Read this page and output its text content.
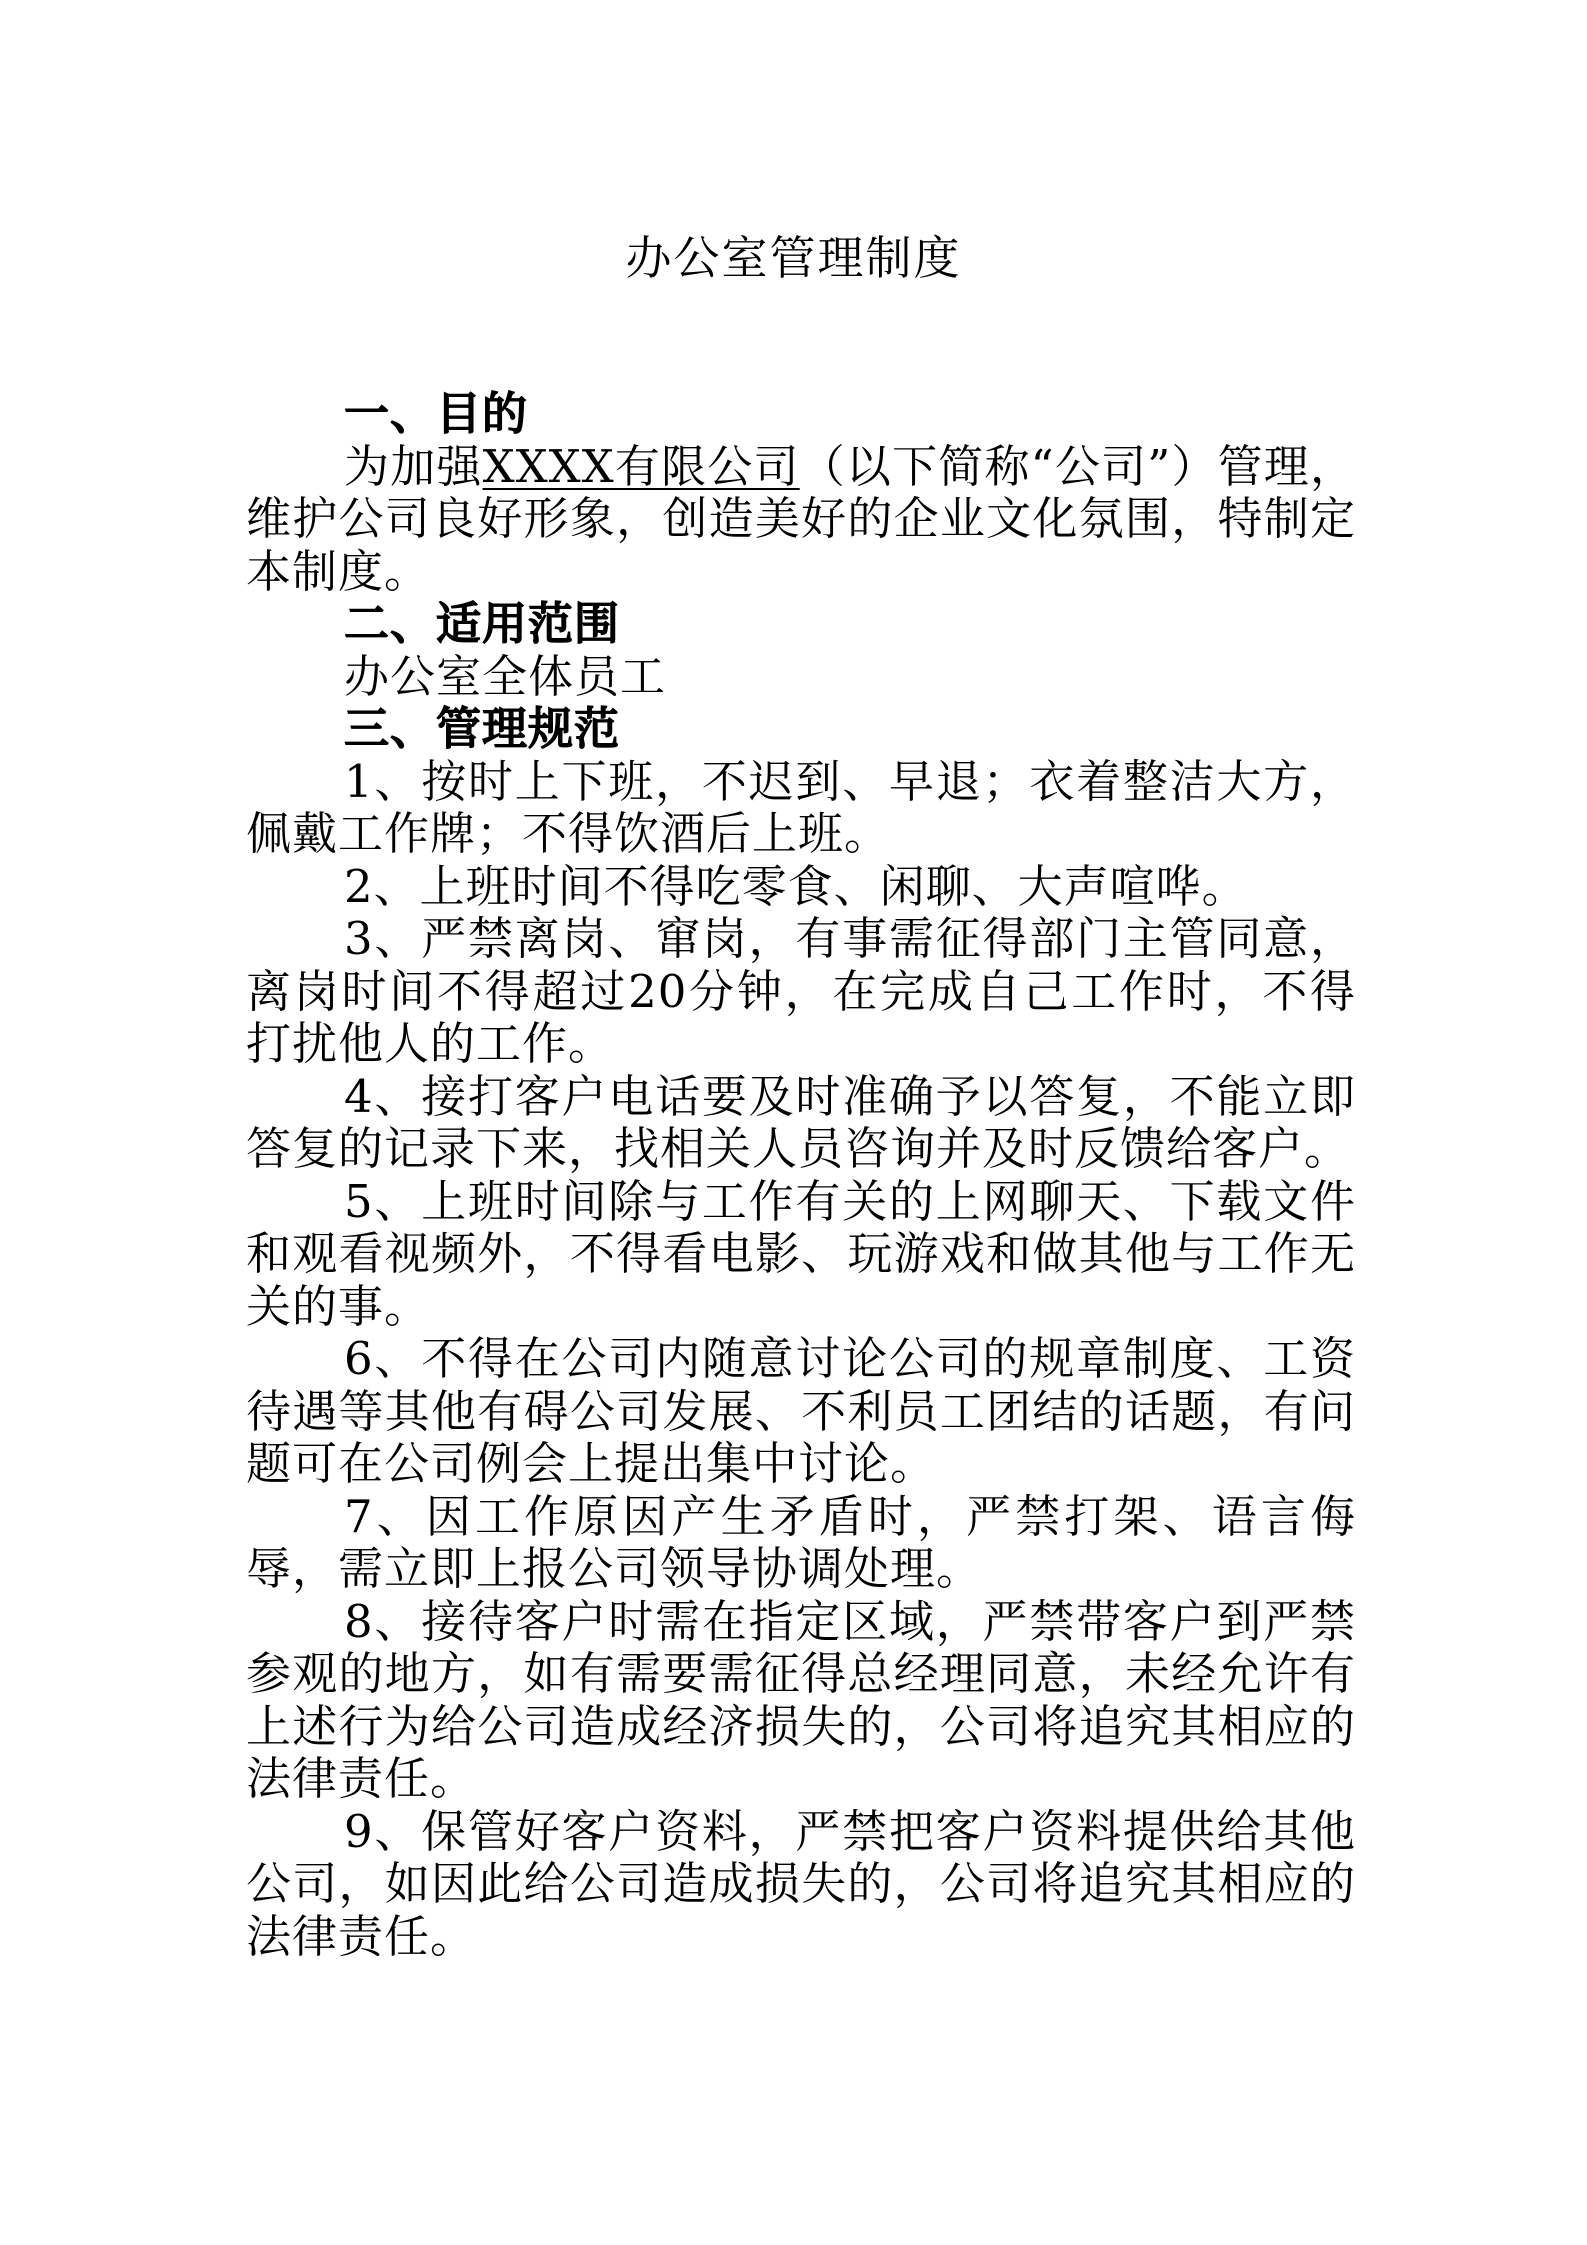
办公室管理制度

一、目的

为加强XXXX有限公司（以下简称“公司”）管理，维护公司良好形象，创造美好的企业文化氛围，特制定本制度。

二、适用范围

办公室全体员工

三、管理规范

1、按时上下班，不迟到、早退；衣着整洁大方，佩戴工作牌；不得饮酒后上班。

2、上班时间不得吃零食、闲聊、大声喧哗。

3、严禁离岗、窜岗，有事需征得部门主管同意，离岗时间不得超过20分钟，在完成自己工作时，不得打扰他人的工作。

4、接打客户电话要及时准确予以答复，不能立即答复的记录下来，找相关人员咨询并及时反馈给客户。

5、上班时间除与工作有关的上网聊天、下载文件和观看视频外，不得看电影、玩游戏和做其他与工作无关的事。

6、不得在公司内随意讨论公司的规章制度、工资待遇等其他有碍公司发展、不利员工团结的话题，有问题可在公司例会上提出集中讨论。

7、因工作原因产生矛盾时，严禁打架、语言侮辱，需立即上报公司领导协调处理。

8、接待客户时需在指定区域，严禁带客户到严禁参观的地方，如有需要需征得总经理同意，未经允许有上述行为给公司造成经济损失的，公司将追究其相应的法律责任。

9、保管好客户资料，严禁把客户资料提供给其他公司，如因此给公司造成损失的，公司将追究其相应的法律责任。
